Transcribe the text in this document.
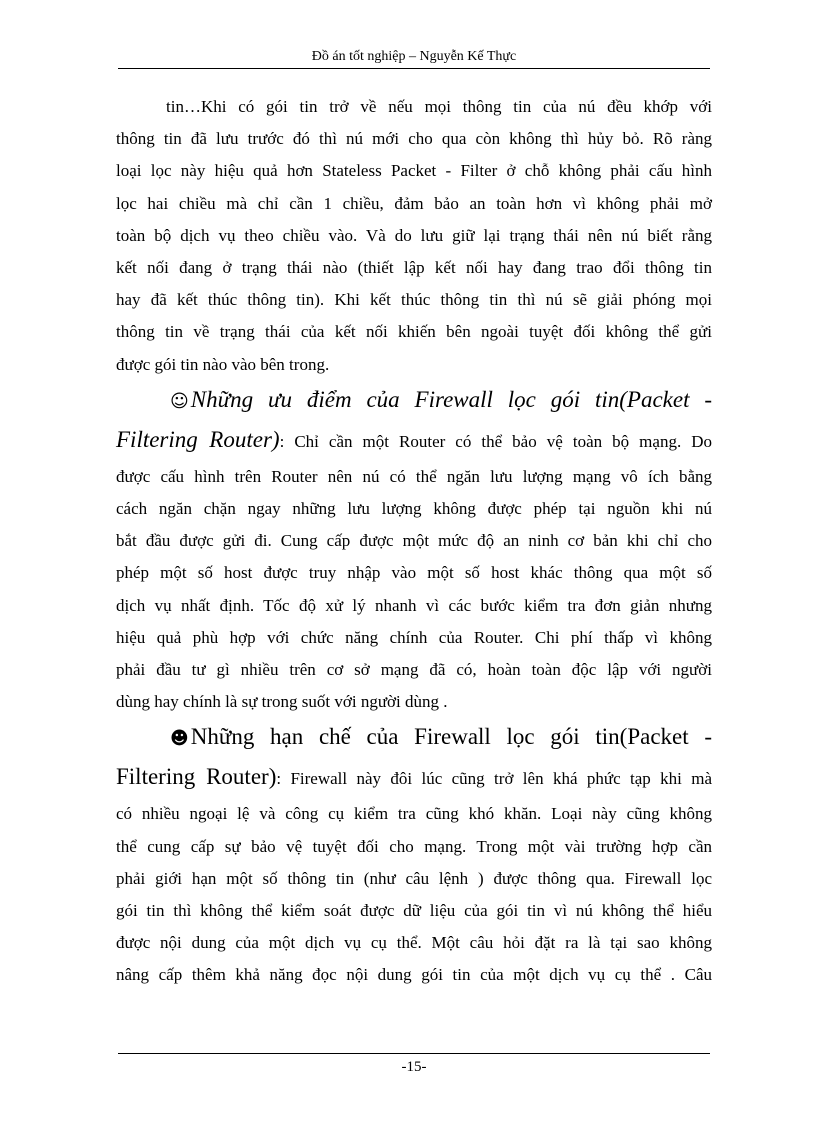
Đồ án tốt nghiệp – Nguyễn Kế Thực
tin…Khi có gói tin trở về nếu mọi thông tin của nú đều khớp với
thông tin đã lưu trước đó thì nú mới cho qua còn không thì hủy bỏ. Rõ ràng
loại lọc này hiệu quả hơn Stateless Packet - Filter ở chỗ không phải cấu hình
lọc hai chiều mà chỉ cần 1 chiều, đảm bảo an toàn hơn vì không phải mở
toàn bộ dịch vụ theo chiều vào. Và do lưu giữ lại trạng thái nên nú biết rằng
kết nối đang ở trạng thái nào (thiết lập kết nối hay đang trao đổi thông tin
hay đã kết thúc thông tin). Khi kết thúc thông tin thì nú sẽ giải phóng mọi
thông tin về trạng thái của kết nối khiến bên ngoài tuyệt đối không thể gửi
được gói tin nào vào bên trong.
☺Những ưu điểm của Firewall lọc gói tin(Packet -
Filtering Router): Chỉ cần một Router có thể bảo vệ toàn bộ mạng. Do
được cấu hình trên Router nên nú có thể ngăn lưu lượng mạng vô ích bằng
cách ngăn chặn ngay những lưu lượng không được phép tại nguồn khi nú
bắt đầu được gửi đi. Cung cấp được một mức độ an ninh cơ bản khi chỉ cho
phép một số host được truy nhập vào một số host khác thông qua một số
dịch vụ nhất định. Tốc độ xử lý nhanh vì các bước kiểm tra đơn giản nhưng
hiệu quả phù hợp với chức năng chính của Router. Chi phí thấp vì không
phải đầu tư gì nhiều trên cơ sở mạng đã có, hoàn toàn độc lập với người
dùng hay chính là sự trong suốt với người dùng .
☻Những hạn chế của Firewall lọc gói tin(Packet -
Filtering Router): Firewall này đôi lúc cũng trở lên khá phức tạp khi mà
có nhiều ngoại lệ và công cụ kiểm tra cũng khó khăn. Loại này cũng không
thể cung cấp sự bảo vệ tuyệt đối cho mạng. Trong một vài trường hợp cần
phải giới hạn một số thông tin (như câu lệnh ) được thông qua. Firewall lọc
gói tin thì không thể kiểm soát được dữ liệu của gói tin vì nú không thể hiểu
được nội dung của một dịch vụ cụ thể. Một câu hỏi đặt ra là tại sao không
nâng cấp thêm khả năng đọc nội dung gói tin của một dịch vụ cụ thể . Câu
-15-
